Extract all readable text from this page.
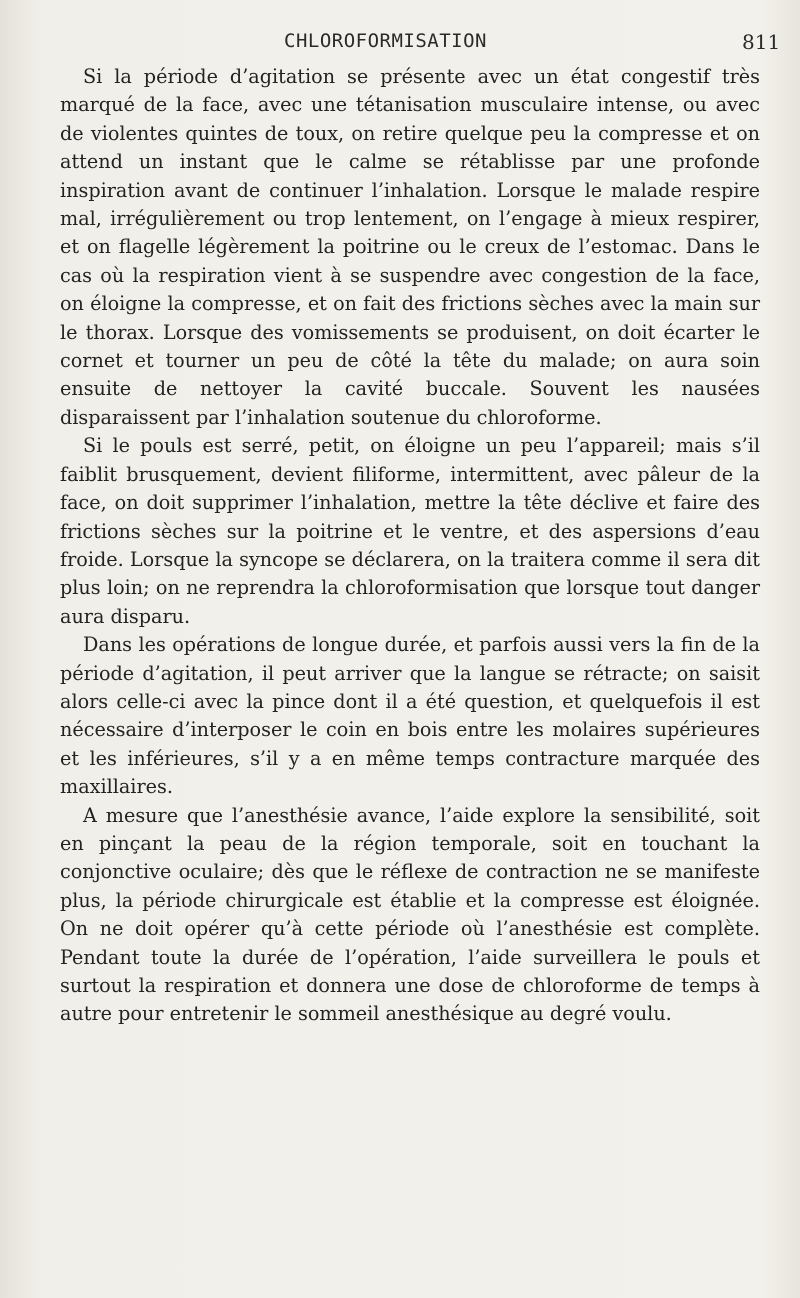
CHLOROFORMISATION	811

Si la période d’agitation se présente avec un état congestif très marqué de la face, avec une tétanisation musculaire intense, ou avec de violentes quintes de toux, on retire quelque peu la compresse et on attend un instant que le calme se rétablisse par une profonde inspiration avant de continuer l’inhalation. Lorsque le malade respire mal, irrégulièrement ou trop lentement, on l’engage à mieux respirer, et on flagelle légèrement la poitrine ou le creux de l’estomac. Dans le cas où la respiration vient à se suspendre avec congestion de la face, on éloigne la compresse, et on fait des frictions sèches avec la main sur le thorax. Lorsque des vomissements se produisent, on doit écarter le cornet et tourner un peu de côté la tête du malade; on aura soin ensuite de nettoyer la cavité buccale. Souvent les nausées disparaissent par l’inhalation soutenue du chloroforme.

Si le pouls est serré, petit, on éloigne un peu l’appareil; mais s’il faiblit brusquement, devient filiforme, intermittent, avec pâleur de la face, on doit supprimer l’inhalation, mettre la tête déclive et faire des frictions sèches sur la poitrine et le ventre, et des aspersions d’eau froide. Lorsque la syncope se déclarera, on la traitera comme il sera dit plus loin; on ne reprendra la chloroformisation que lorsque tout danger aura disparu.

Dans les opérations de longue durée, et parfois aussi vers la fin de la période d’agitation, il peut arriver que la langue se rétracte; on saisit alors celle-ci avec la pince dont il a été question, et quelquefois il est nécessaire d’interposer le coin en bois entre les molaires supérieures et les inférieures, s’il y a en même temps contracture marquée des maxillaires.

A mesure que l’anesthésie avance, l’aide explore la sensibilité, soit en pinçant la peau de la région temporale, soit en touchant la conjonctive oculaire; dès que le réflexe de contraction ne se manifeste plus, la période chirurgicale est établie et la compresse est éloignée. On ne doit opérer qu’à cette période où l’anesthésie est complète. Pendant toute la durée de l’opération, l’aide surveillera le pouls et surtout la respiration et donnera une dose de chloroforme de temps à autre pour entretenir le sommeil anesthésique au degré voulu.
